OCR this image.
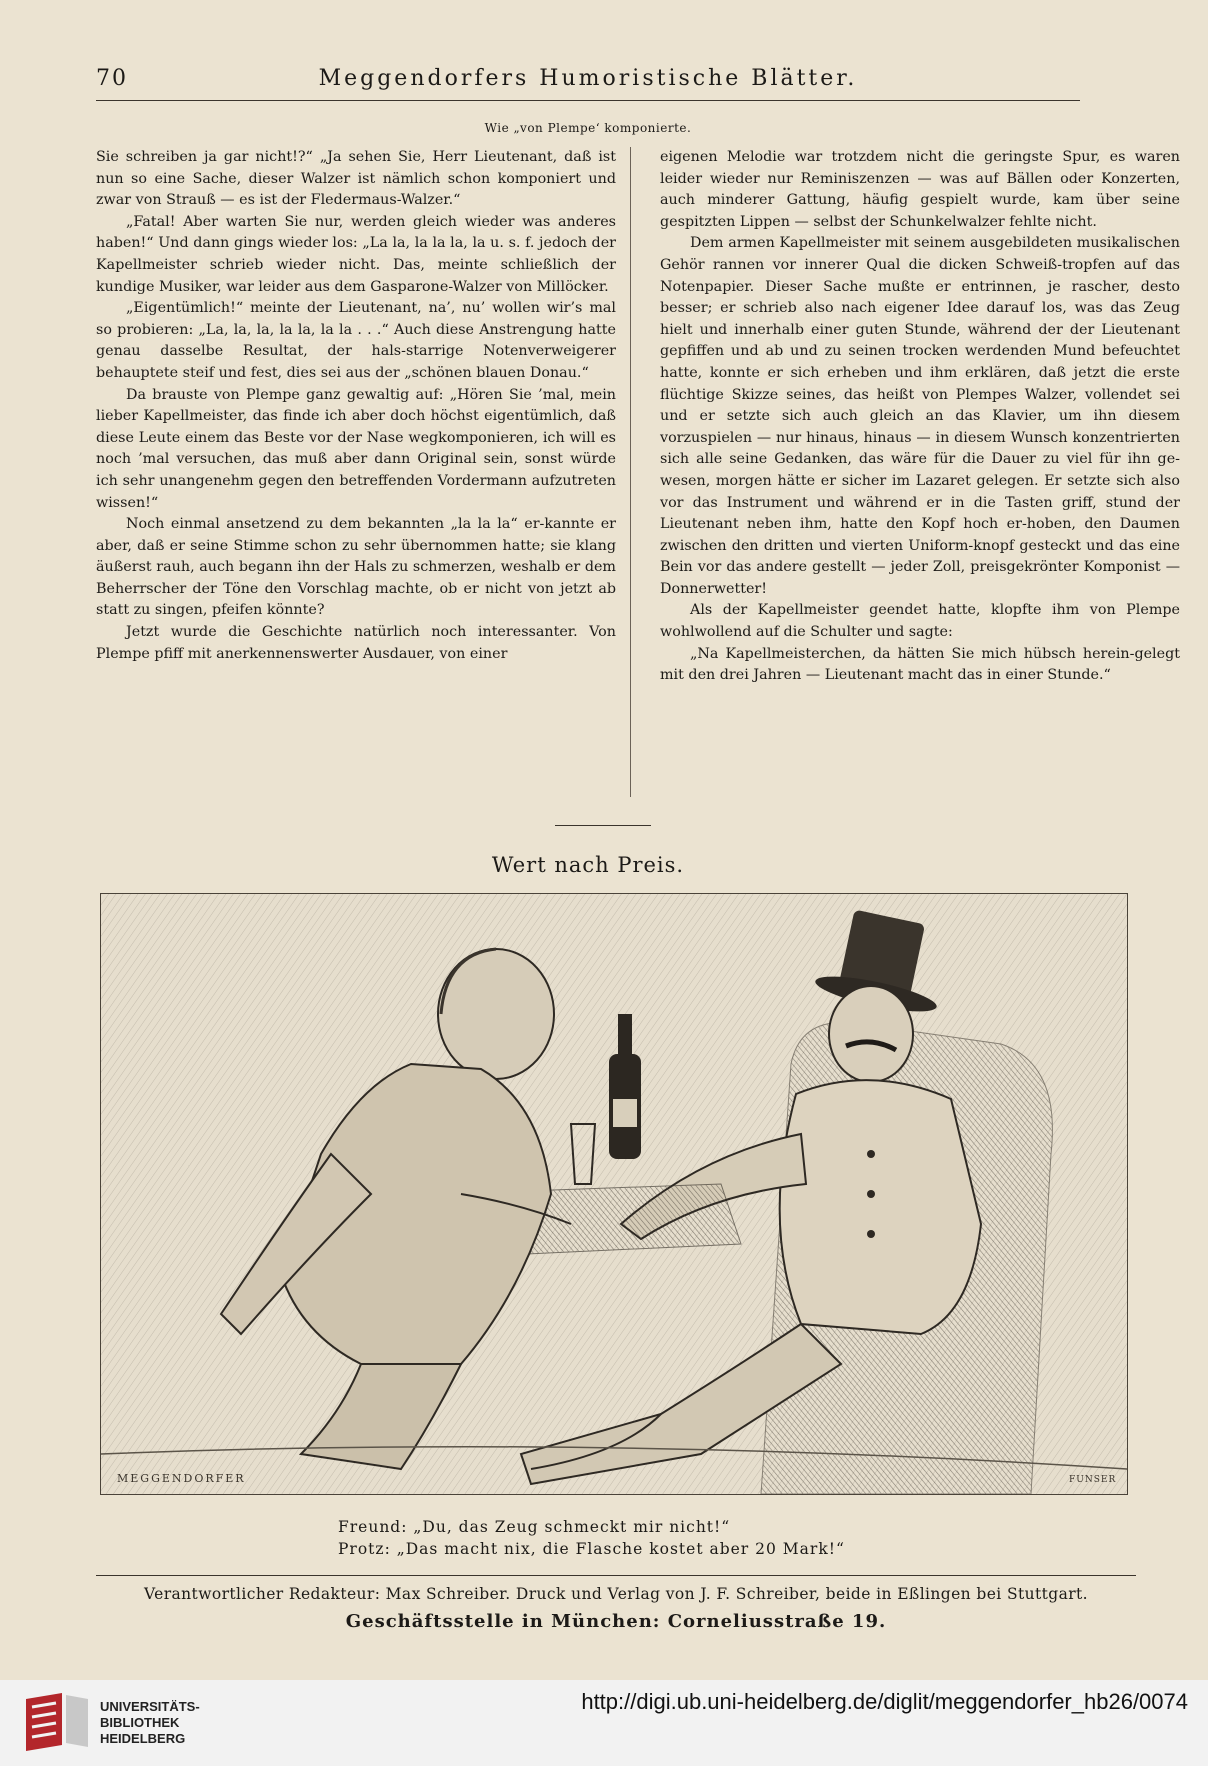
70	Meggendorfers Humoristische Blätter.
Wie „von Plempe‘ komponierte.

Sie schreiben ja gar nicht!?“ „Ja sehen Sie, Herr Lieutenant, daß ist nun so eine Sache, dieser Walzer ist nämlich schon komponiert und zwar von Strauß — es ist der Fledermaus-Walzer.“

„Fatal! Aber warten Sie nur, werden gleich wieder was anderes haben!“ Und dann gings wieder los: „La la, la la la, la u. s. f. jedoch der Kapellmeister schrieb wieder nicht. Das, meinte schließlich der kundige Musiker, war leider aus dem Gasparone-Walzer von Millöcker.

„Eigentümlich!“ meinte der Lieutenant, na’, nu’ wollen wir’s mal so probieren: „La, la, la, la la, la la . . .“ Auch diese Anstrengung hatte genau dasselbe Resultat, der hals-starrige Notenverweigerer behauptete steif und fest, dies sei aus der „schönen blauen Donau.“

Da brauste von Plempe ganz gewaltig auf: „Hören Sie ’mal, mein lieber Kapellmeister, das finde ich aber doch höchst eigentümlich, daß diese Leute einem das Beste vor der Nase wegkomponieren, ich will es noch ’mal versuchen, das muß aber dann Original sein, sonst würde ich sehr unangenehm gegen den betreffenden Vordermann aufzutreten wissen!“

Noch einmal ansetzend zu dem bekannten „la la la“ er-kannte er aber, daß er seine Stimme schon zu sehr übernommen hatte; sie klang äußerst rauh, auch begann ihn der Hals zu schmerzen, weshalb er dem Beherrscher der Töne den Vorschlag machte, ob er nicht von jetzt ab statt zu singen, pfeifen könnte?

Jetzt wurde die Geschichte natürlich noch interessanter. Von Plempe pfiff mit anerkennenswerter Ausdauer, von einer

eigenen Melodie war trotzdem nicht die geringste Spur, es waren leider wieder nur Reminiszenzen — was auf Bällen oder Konzerten, auch minderer Gattung, häufig gespielt wurde, kam über seine gespitzten Lippen — selbst der Schunkelwalzer fehlte nicht.

Dem armen Kapellmeister mit seinem ausgebildeten musikalischen Gehör rannen vor innerer Qual die dicken Schweiß-tropfen auf das Notenpapier. Dieser Sache mußte er entrinnen, je rascher, desto besser; er schrieb also nach eigener Idee darauf los, was das Zeug hielt und innerhalb einer guten Stunde, während der der Lieutenant gepfiffen und ab und zu seinen trocken werdenden Mund befeuchtet hatte, konnte er sich erheben und ihm erklären, daß jetzt die erste flüchtige Skizze seines, das heißt von Plempes Walzer, vollendet sei und er setzte sich auch gleich an das Klavier, um ihn diesem vorzuspielen — nur hinaus, hinaus — in diesem Wunsch konzentrierten sich alle seine Gedanken, das wäre für die Dauer zu viel für ihn ge-wesen, morgen hätte er sicher im Lazaret gelegen. Er setzte sich also vor das Instrument und während er in die Tasten griff, stund der Lieutenant neben ihm, hatte den Kopf hoch er-hoben, den Daumen zwischen den dritten und vierten Uniform-knopf gesteckt und das eine Bein vor das andere gestellt — jeder Zoll, preisgekrönter Komponist — Donnerwetter!

Als der Kapellmeister geendet hatte, klopfte ihm von Plempe wohlwollend auf die Schulter und sagte:

„Na Kapellmeisterchen, da hätten Sie mich hübsch herein-gelegt mit den drei Jahren — Lieutenant macht das in einer Stunde.“

Wert nach Preis.
MEGGENDORFER	FUNSER
Freund: „Du, das Zeug schmeckt mir nicht!“
Protz: „Das macht nix, die Flasche kostet aber 20 Mark!“
Verantwortlicher Redakteur: Max Schreiber. Druck und Verlag von J. F. Schreiber, beide in Eßlingen bei Stuttgart.
Geschäftsstelle in München: Corneliusstraße 19.
UNIVERSITÄTS-
BIBLIOTHEK
HEIDELBERG
http://digi.ub.uni-heidelberg.de/diglit/meggendorfer_hb26/0074
